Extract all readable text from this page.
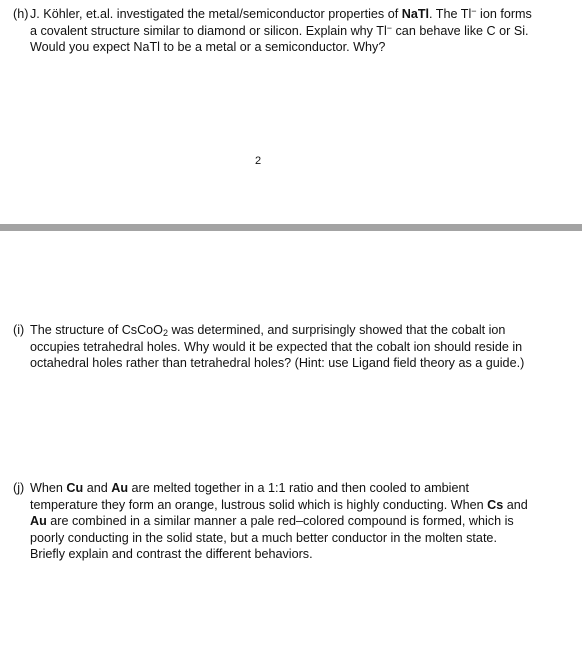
(h) J. Köhler, et.al. investigated the metal/semiconductor properties of NaTl. The Tl− ion forms a covalent structure similar to diamond or silicon. Explain why Tl− can behave like C or Si. Would you expect NaTl to be a metal or a semiconductor. Why?
2
(i) The structure of CsCoO$_2$ was determined, and surprisingly showed that the cobalt ion occupies tetrahedral holes. Why would it be expected that the cobalt ion should reside in octahedral holes rather than tetrahedral holes? (Hint: use Ligand field theory as a guide.)
(j) When Cu and Au are melted together in a 1:1 ratio and then cooled to ambient temperature they form an orange, lustrous solid which is highly conducting. When Cs and Au are combined in a similar manner a pale red–colored compound is formed, which is poorly conducting in the solid state, but a much better conductor in the molten state. Briefly explain and contrast the different behaviors.
